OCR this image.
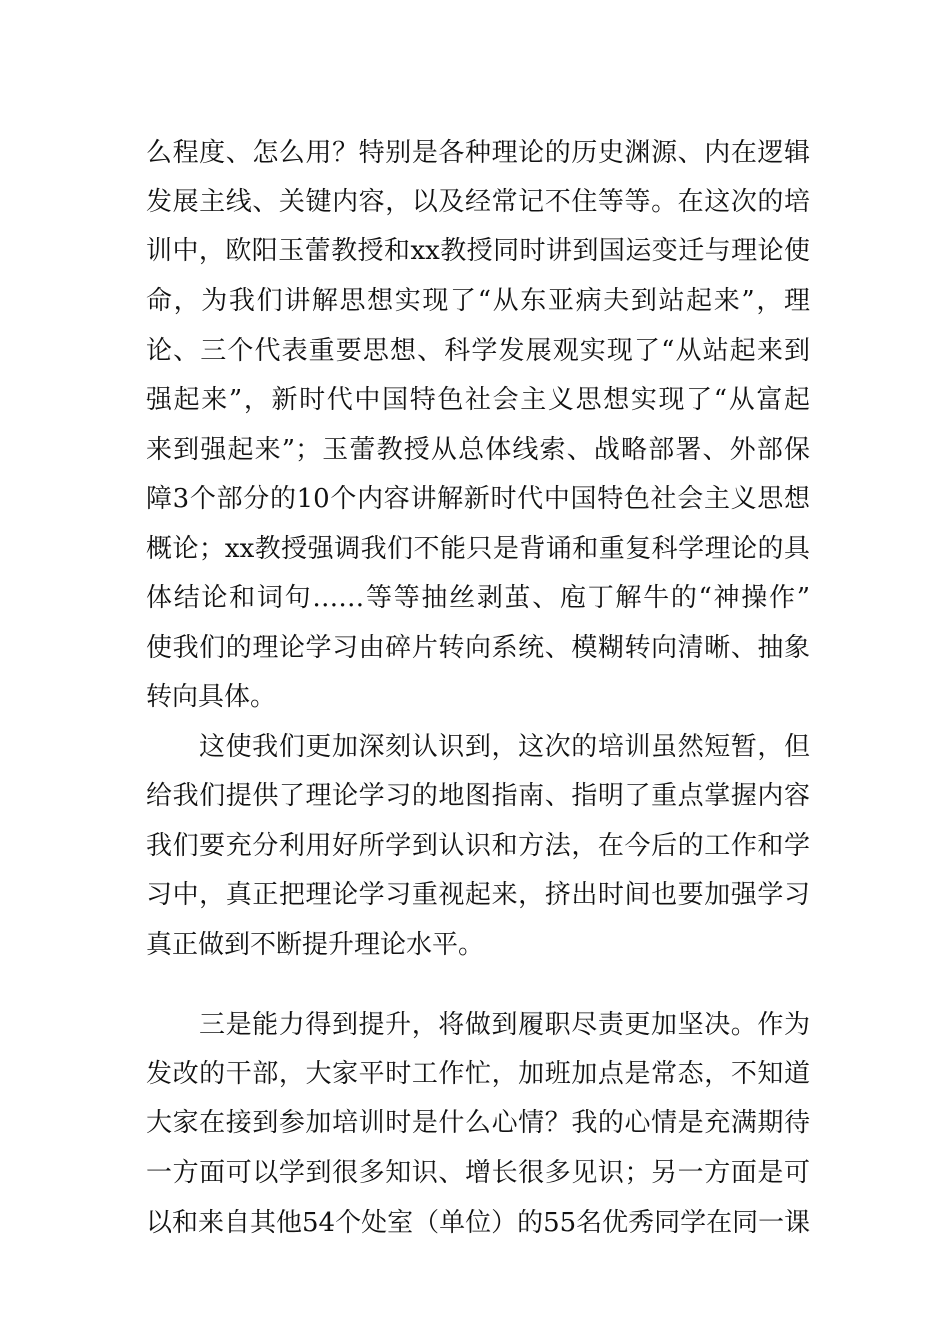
么程度、怎么用？特别是各种理论的历史渊源、内在逻辑
发展主线、关键内容，以及经常记不住等等。在这次的培
训中，欧阳玉蕾教授和xx教授同时讲到国运变迁与理论使
命，为我们讲解思想实现了“从东亚病夫到站起来”，理
论、三个代表重要思想、科学发展观实现了“从站起来到
强起来”，新时代中国特色社会主义思想实现了“从富起
来到强起来”；玉蕾教授从总体线索、战略部署、外部保
障3个部分的10个内容讲解新时代中国特色社会主义思想
概论；xx教授强调我们不能只是背诵和重复科学理论的具
体结论和词句……等等抽丝剥茧、庖丁解牛的“神操作”
使我们的理论学习由碎片转向系统、模糊转向清晰、抽象
转向具体。
这使我们更加深刻认识到，这次的培训虽然短暂，但
给我们提供了理论学习的地图指南、指明了重点掌握内容
我们要充分利用好所学到认识和方法，在今后的工作和学
习中，真正把理论学习重视起来，挤出时间也要加强学习
真正做到不断提升理论水平。
三是能力得到提升，将做到履职尽责更加坚决。作为
发改的干部，大家平时工作忙，加班加点是常态，不知道
大家在接到参加培训时是什么心情？我的心情是充满期待
一方面可以学到很多知识、增长很多见识；另一方面是可
以和来自其他54个处室（单位）的55名优秀同学在同一课
